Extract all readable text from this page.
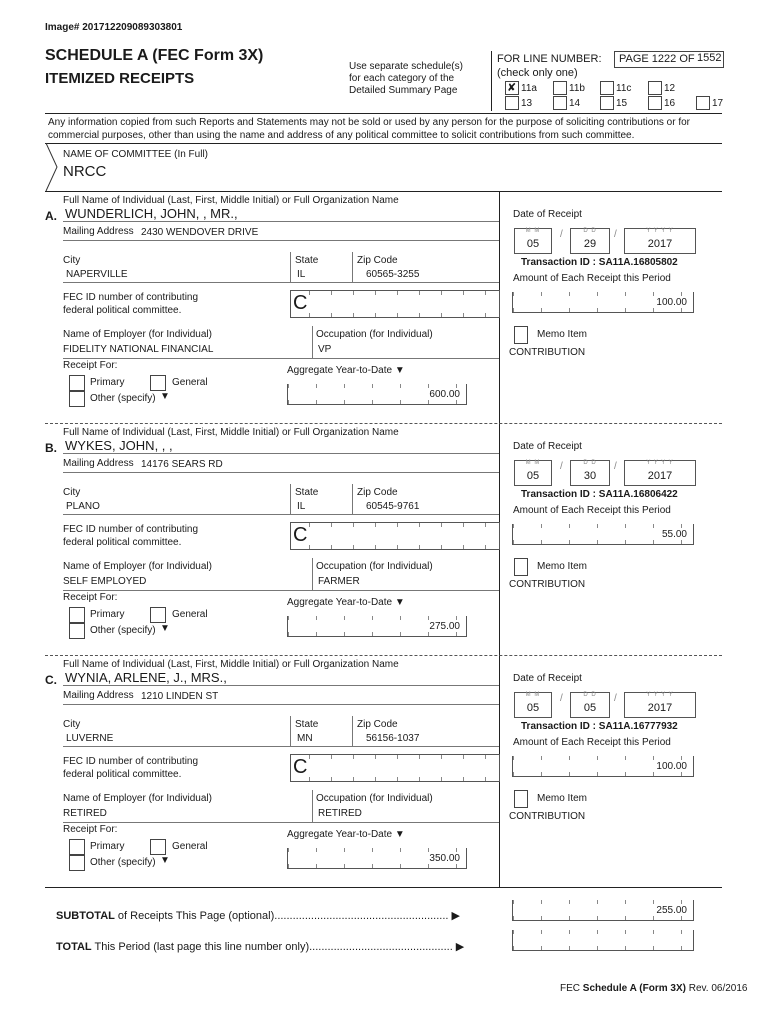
Image# 201712209089303801
SCHEDULE A (FEC Form 3X)
ITEMIZED RECEIPTS
Use separate schedule(s) for each category of the Detailed Summary Page
FOR LINE NUMBER:
(check only one)
PAGE 1222 OF 1552
✘ 11a	11b	11c	12
13	14	15	16	17
Any information copied from such Reports and Statements may not be sold or used by any person for the purpose of soliciting contributions or for commercial purposes, other than using the name and address of any political committee to solicit contributions from such committee.
NAME OF COMMITTEE (In Full)
NRCC
Full Name of Individual (Last, First, Middle Initial) or Full Organization Name
A. WUNDERLICH, JOHN, , MR.,
Mailing Address 2430 WENDOVER DRIVE
City
NAPERVILLE
State
IL
Zip Code
60565-3255
FEC ID number of contributing
federal political committee.	C
Name of Employer (for Individual)
FIDELITY NATIONAL FINANCIAL
Occupation (for Individual)
VP
Receipt For:
Primary	General
Other (specify) ▼
Aggregate Year-to-Date ▼
600.00
Date of Receipt
M M
05
/	D D
29
/	Y Y Y Y
2017
Transaction ID : SA11A.16805802
Amount of Each Receipt this Period
100.00
Memo Item
CONTRIBUTION
Full Name of Individual (Last, First, Middle Initial) or Full Organization Name
B. WYKES, JOHN, , ,
Mailing Address 14176 SEARS RD
City
PLANO
State
IL
Zip Code
60545-9761
FEC ID number of contributing
federal political committee.	C
Name of Employer (for Individual)
SELF EMPLOYED
Occupation (for Individual)
FARMER
Receipt For:
Primary	General
Other (specify) ▼
Aggregate Year-to-Date ▼
275.00
Date of Receipt
M M
05
/	D D
30
/	Y Y Y Y
2017
Transaction ID : SA11A.16806422
Amount of Each Receipt this Period
55.00
Memo Item
CONTRIBUTION
Full Name of Individual (Last, First, Middle Initial) or Full Organization Name
C. WYNIA, ARLENE, J., MRS.,
Mailing Address 1210 LINDEN ST
City
LUVERNE
State
MN
Zip Code
56156-1037
FEC ID number of contributing
federal political committee.	C
Name of Employer (for Individual)
RETIRED
Occupation (for Individual)
RETIRED
Receipt For:
Primary	General
Other (specify) ▼
Aggregate Year-to-Date ▼
350.00
Date of Receipt
M M
05
/	D D
05
/	Y Y Y Y
2017
Transaction ID : SA11A.16777932
Amount of Each Receipt this Period
100.00
Memo Item
CONTRIBUTION
SUBTOTAL of Receipts This Page (optional)......................................................... ▶	255.00
TOTAL This Period (last page this line number only)............................................... ▶
FEC Schedule A (Form 3X) Rev. 06/2016
